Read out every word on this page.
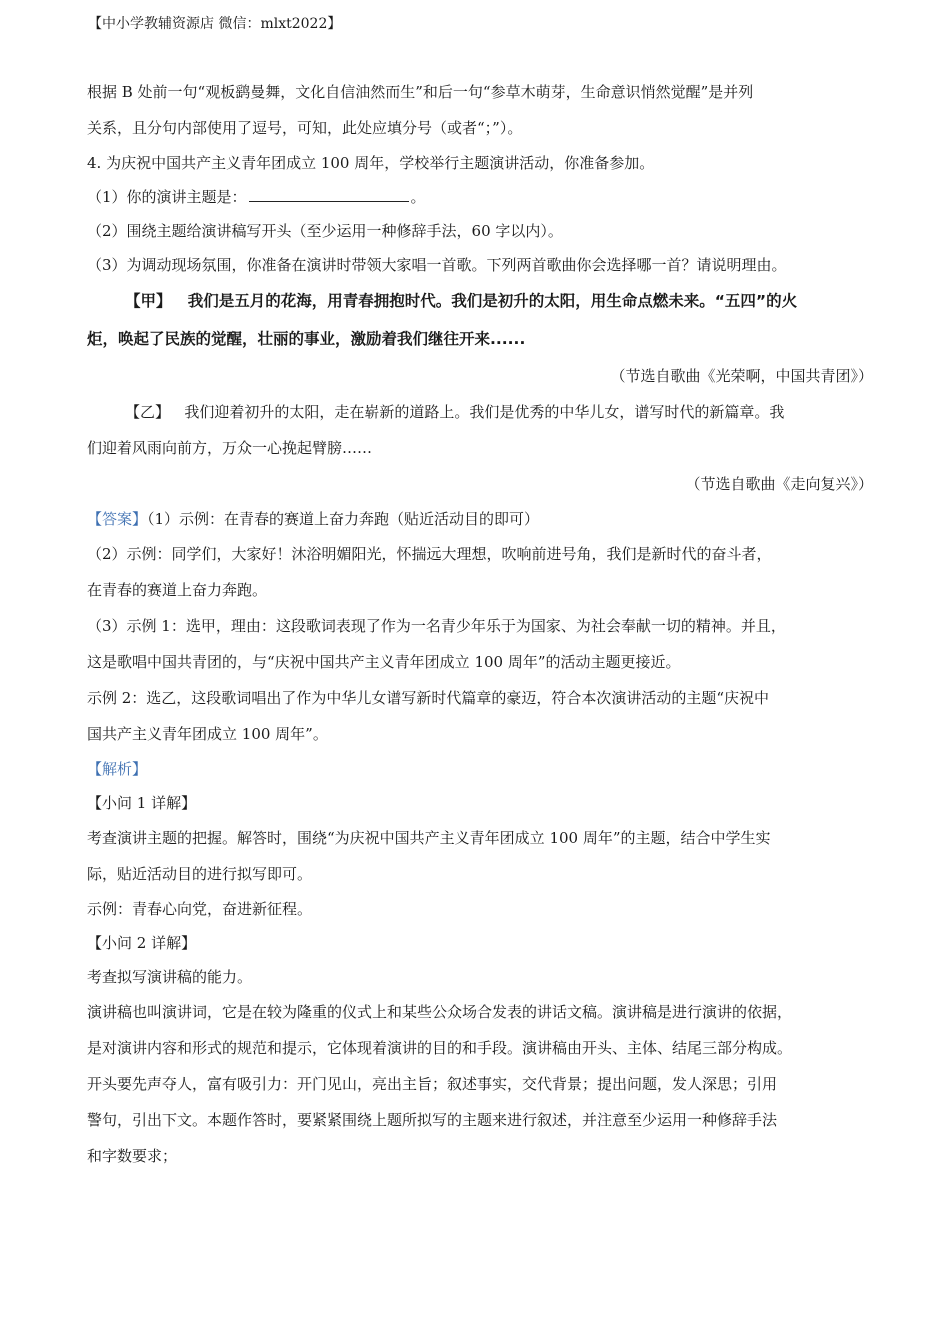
【中小学教辅资源店 微信：mlxt2022】

根据 B 处前一句“观板鹞曼舞，文化自信油然而生”和后一句“参草木萌芽，生命意识悄然觉醒”是并列

关系，且分句内部使用了逗号，可知，此处应填分号（或者“；”）。

4. 为庆祝中国共产主义青年团成立 100 周年，学校举行主题演讲活动，你准备参加。

（1）你的演讲主题是：	。

（2）围绕主题给演讲稿写开头（至少运用一种修辞手法，60 字以内）。

（3）为调动现场氛围，你准备在演讲时带领大家唱一首歌。下列两首歌曲你会选择哪一首？请说明理由。

【甲】 我们是五月的花海，用青春拥抱时代。我们是初升的太阳，用生命点燃未来。“五四”的火

炬，唤起了民族的觉醒，壮丽的事业，激励着我们继往开来......

（节选自歌曲《光荣啊，中国共青团》）

【乙】 我们迎着初升的太阳，走在崭新的道路上。我们是优秀的中华儿女，谱写时代的新篇章。我

们迎着风雨向前方，万众一心挽起臂膀……

（节选自歌曲《走向复兴》）

【答案】（1）示例：在青春的赛道上奋力奔跑（贴近活动目的即可）

（2）示例：同学们，大家好！沐浴明媚阳光，怀揣远大理想，吹响前进号角，我们是新时代的奋斗者，

在青春的赛道上奋力奔跑。

（3）示例 1：选甲，理由：这段歌词表现了作为一名青少年乐于为国家、为社会奉献一切的精神。并且，

这是歌唱中国共青团的，与“庆祝中国共产主义青年团成立 100 周年”的活动主题更接近。

示例 2：选乙，这段歌词唱出了作为中华儿女谱写新时代篇章的豪迈，符合本次演讲活动的主题“庆祝中

国共产主义青年团成立 100 周年”。

【解析】

【小问 1 详解】

考查演讲主题的把握。解答时，围绕“为庆祝中国共产主义青年团成立 100 周年”的主题，结合中学生实

际，贴近活动目的进行拟写即可。

示例：青春心向党，奋进新征程。

【小问 2 详解】

考查拟写演讲稿的能力。

演讲稿也叫演讲词，它是在较为隆重的仪式上和某些公众场合发表的讲话文稿。演讲稿是进行演讲的依据，

是对演讲内容和形式的规范和提示，它体现着演讲的目的和手段。演讲稿由开头、主体、结尾三部分构成。

开头要先声夺人，富有吸引力：开门见山，亮出主旨；叙述事实，交代背景；提出问题，发人深思；引用

警句，引出下文。本题作答时，要紧紧围绕上题所拟写的主题来进行叙述，并注意至少运用一种修辞手法

和字数要求；
